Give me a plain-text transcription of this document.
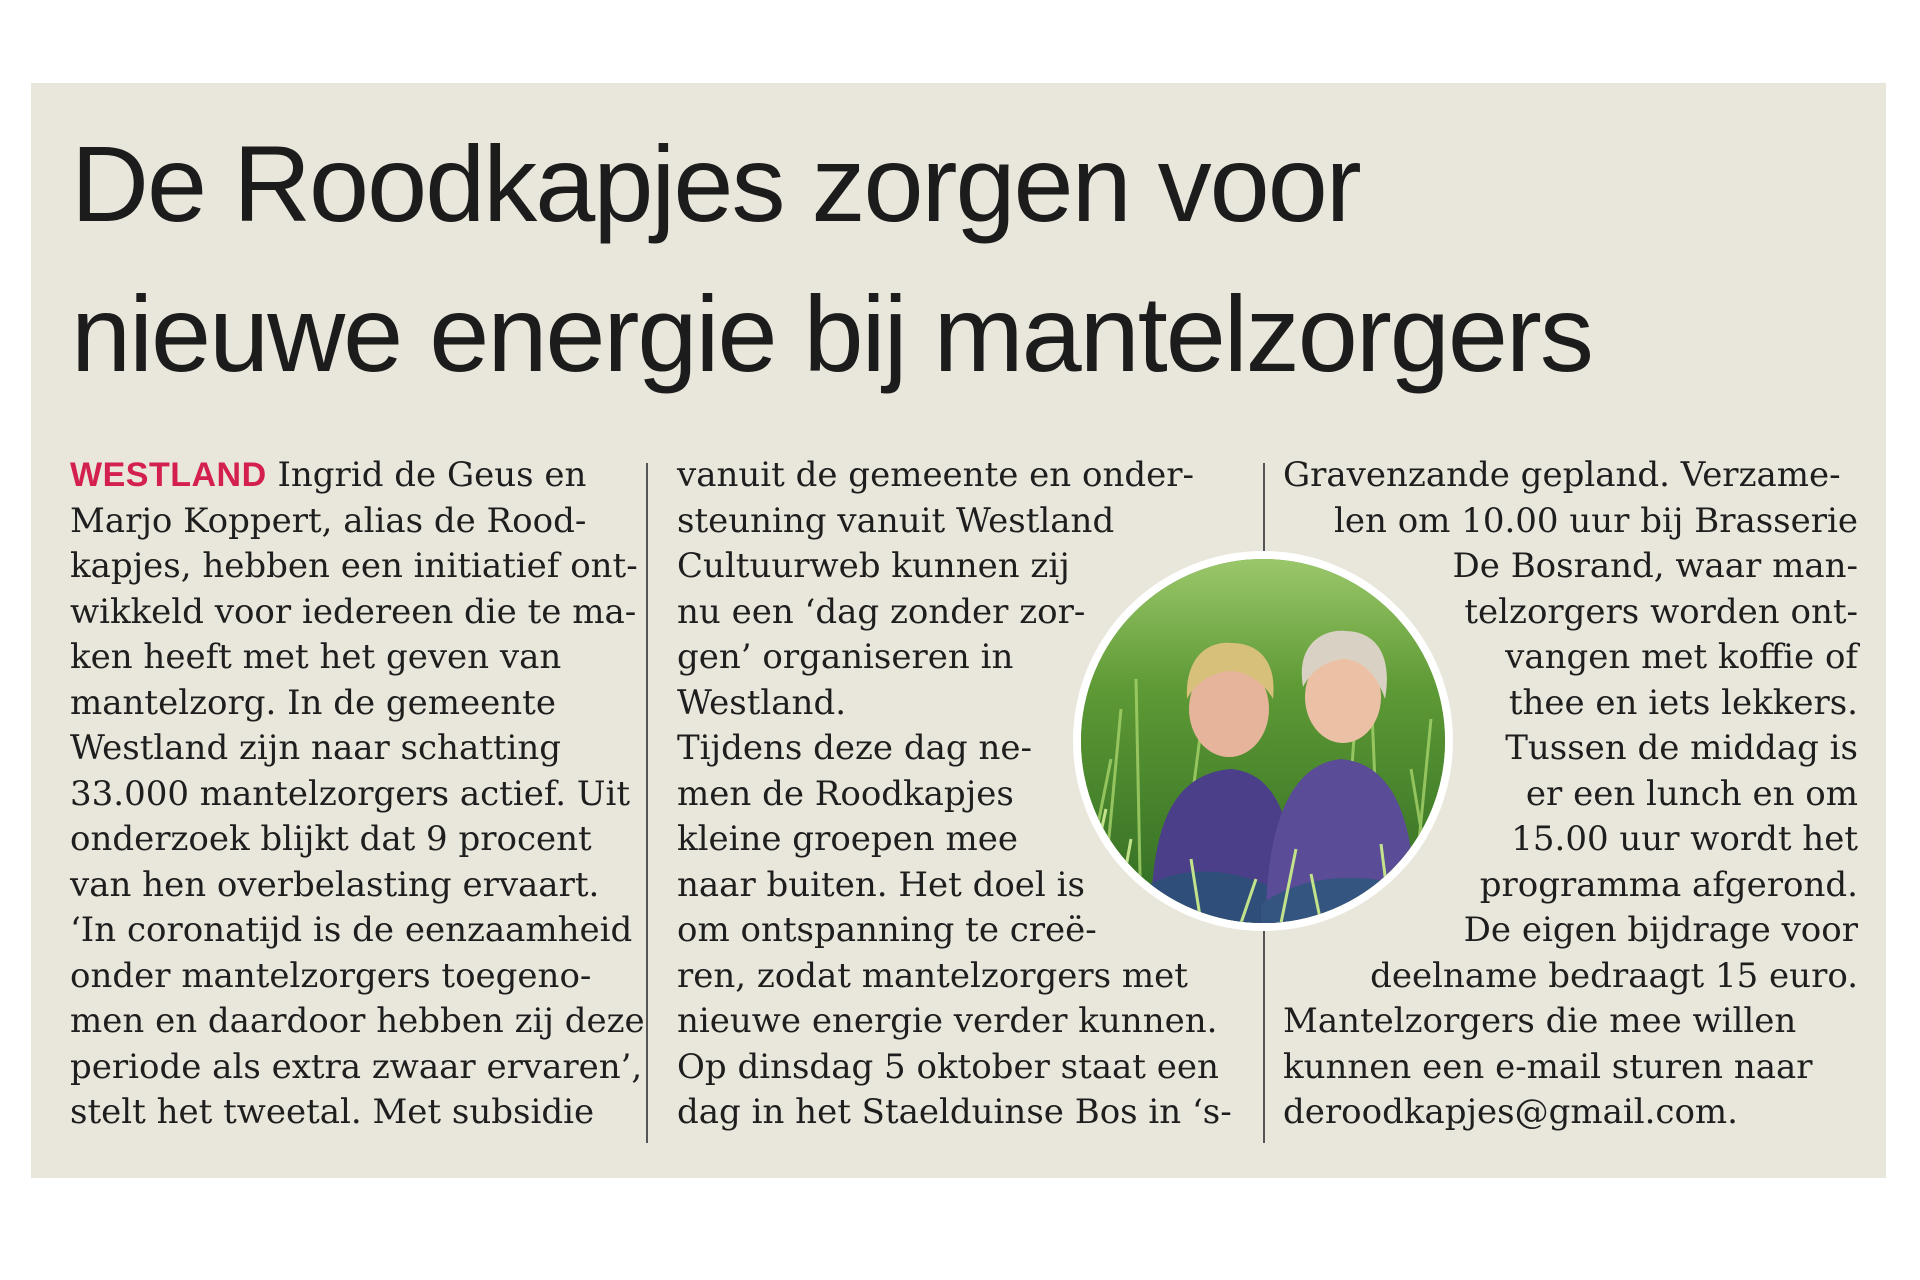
De Roodkapjes zorgen voor
nieuwe energie bij mantelzorgers
WESTLAND Ingrid de Geus en
Marjo Koppert, alias de Rood-
kapjes, hebben een initiatief ont-
wikkeld voor iedereen die te ma-
ken heeft met het geven van
mantelzorg. In de gemeente
Westland zijn naar schatting
33.000 mantelzorgers actief. Uit
onderzoek blijkt dat 9 procent
van hen overbelasting ervaart.
‘In coronatijd is de eenzaamheid
onder mantelzorgers toegeno-
men en daardoor hebben zij deze
periode als extra zwaar ervaren’,
stelt het tweetal. Met subsidie
vanuit de gemeente en onder-
steuning vanuit Westland
Cultuurweb kunnen zij
nu een ‘dag zonder zor-
gen’ organiseren in
Westland.
Tijdens deze dag ne-
men de Roodkapjes
kleine groepen mee
naar buiten. Het doel is
om ontspanning te creë-
ren, zodat mantelzorgers met
nieuwe energie verder kunnen.
Op dinsdag 5 oktober staat een
dag in het Staelduinse Bos in ‘s-
Gravenzande gepland. Verzame-
len om 10.00 uur bij Brasserie
De Bosrand, waar man-
telzorgers worden ont-
vangen met koffie of
thee en iets lekkers.
Tussen de middag is
er een lunch en om
15.00 uur wordt het
programma afgerond.
De eigen bijdrage voor
deelname bedraagt 15 euro.
Mantelzorgers die mee willen
kunnen een e-mail sturen naar
deroodkapjes@gmail.com.
